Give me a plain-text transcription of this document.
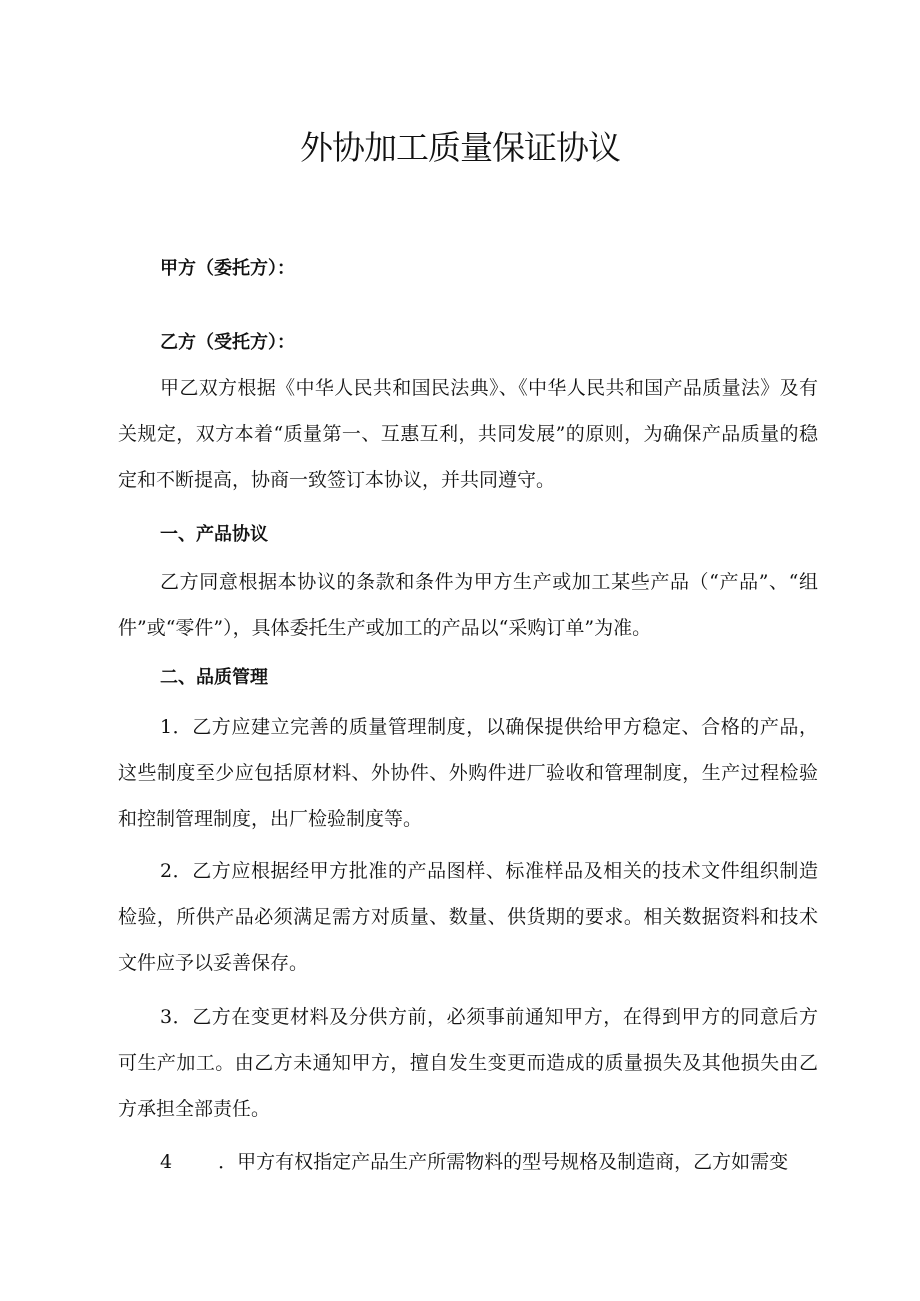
外协加工质量保证协议

甲方（委托方）：

乙方（受托方）：

甲乙双方根据《中华人民共和国民法典》、《中华人民共和国产品质量法》及有关规定，双方本着“质量第一、互惠互利，共同发展”的原则，为确保产品质量的稳定和不断提高，协商一致签订本协议，并共同遵守。

一、产品协议

乙方同意根据本协议的条款和条件为甲方生产或加工某些产品（“产品”、“组件”或“零件”），具体委托生产或加工的产品以“采购订单”为准。

二、品质管理

1．乙方应建立完善的质量管理制度，以确保提供给甲方稳定、合格的产品，这些制度至少应包括原材料、外协件、外购件进厂验收和管理制度，生产过程检验和控制管理制度，出厂检验制度等。

2．乙方应根据经甲方批准的产品图样、标准样品及相关的技术文件组织制造检验，所供产品必须满足需方对质量、数量、供货期的要求。相关数据资料和技术文件应予以妥善保存。

3．乙方在变更材料及分供方前，必须事前通知甲方，在得到甲方的同意后方可生产加工。由乙方未通知甲方，擅自发生变更而造成的质量损失及其他损失由乙方承担全部责任。

4 ．甲方有权指定产品生产所需物料的型号规格及制造商，乙方如需变
